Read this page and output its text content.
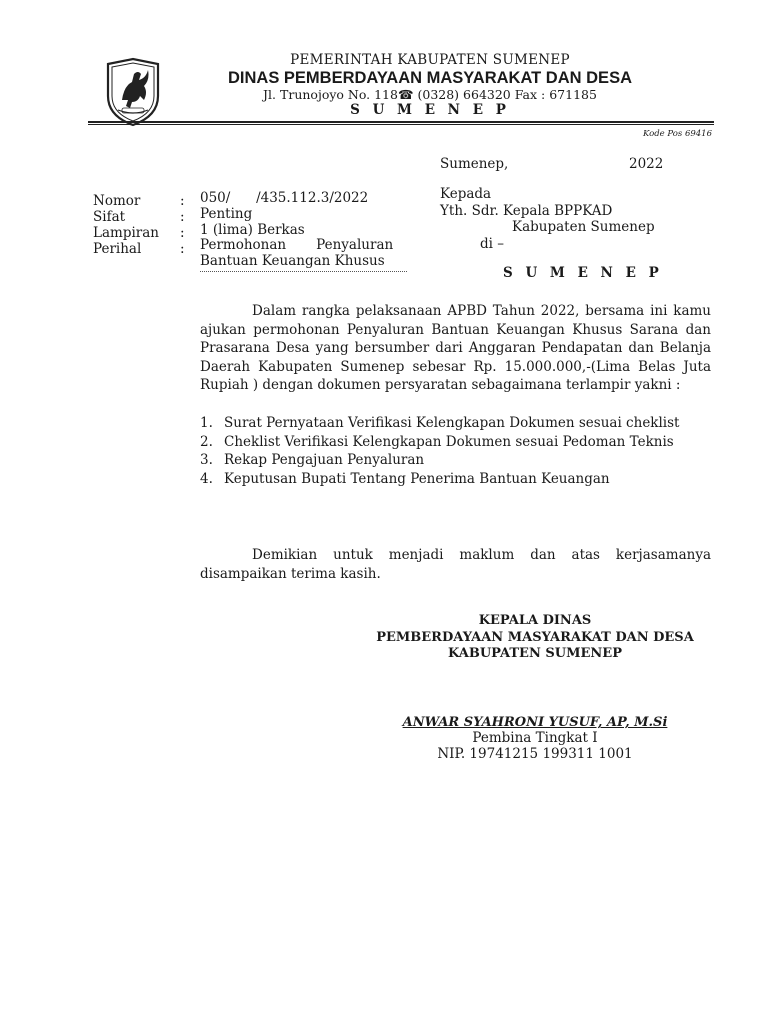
PEMERINTAH KABUPATEN SUMENEP
DINAS PEMBERDAYAAN MASYARAKAT DAN DESA
Jl. Trunojoyo No. 118☎ (0328) 664320 Fax : 671185
S U M E N E P
Kode Pos 69416
Sumenep,	2022
Kepada
Yth. Sdr. Kepala BPPKAD
Kabupaten Sumenep
di –
S U M E N E P
Nomor	: 050/      /435.112.3/2022
Sifat	: Penting
Lampiran	: 1 (lima) Berkas
Perihal	: Permohonan       Penyaluran
Bantuan Keuangan Khusus
Dalam rangka pelaksanaan APBD Tahun 2022, bersama ini kamu ajukan permohonan Penyaluran Bantuan Keuangan Khusus Sarana dan Prasarana Desa yang bersumber dari Anggaran Pendapatan dan Belanja Daerah Kabupaten Sumenep sebesar Rp. 15.000.000,-(Lima Belas Juta Rupiah ) dengan dokumen persyaratan sebagaimana terlampir yakni :
1. Surat Pernyataan Verifikasi Kelengkapan Dokumen sesuai cheklist
2. Cheklist Verifikasi Kelengkapan Dokumen sesuai Pedoman Teknis
3. Rekap Pengajuan Penyaluran
4. Keputusan Bupati Tentang Penerima Bantuan Keuangan
Demikian untuk menjadi maklum dan atas kerjasamanya disampaikan terima kasih.
KEPALA DINAS
PEMBERDAYAAN MASYARAKAT DAN DESA
KABUPATEN SUMENEP
ANWAR SYAHRONI YUSUF, AP, M.Si
Pembina Tingkat I
NIP. 19741215 199311 1001
